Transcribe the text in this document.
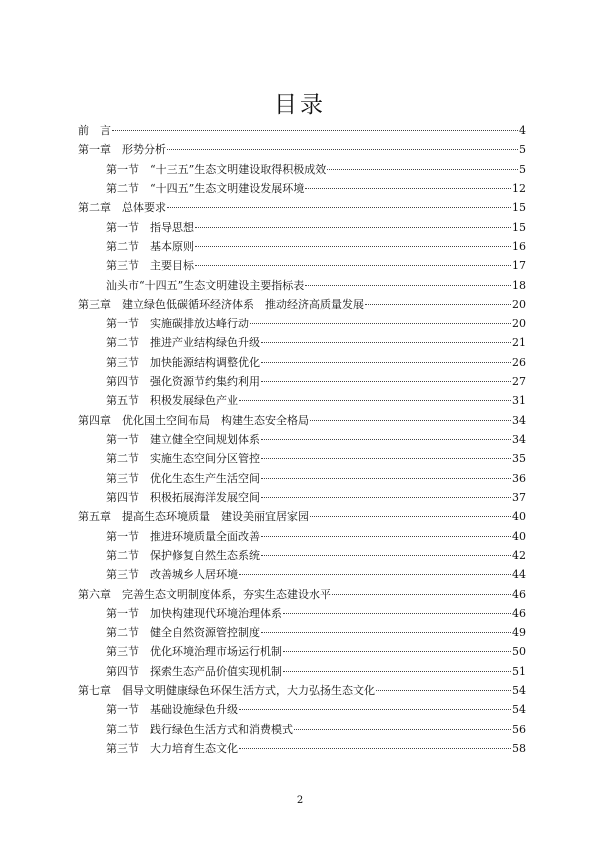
目录
前　言	4
第一章　形势分析	5
第一节　“十三五”生态文明建设取得积极成效	5
第二节　“十四五”生态文明建设发展环境	12
第二章　总体要求	15
第一节　指导思想	15
第二节　基本原则	16
第三节　主要目标	17
汕头市“十四五”生态文明建设主要指标表	18
第三章　建立绿色低碳循环经济体系　推动经济高质量发展	20
第一节　实施碳排放达峰行动	20
第二节　推进产业结构绿色升级	21
第三节　加快能源结构调整优化	26
第四节　强化资源节约集约利用	27
第五节　积极发展绿色产业	31
第四章　优化国土空间布局　构建生态安全格局	34
第一节　建立健全空间规划体系	34
第二节　实施生态空间分区管控	35
第三节　优化生态生产生活空间	36
第四节　积极拓展海洋发展空间	37
第五章　提高生态环境质量　建设美丽宜居家园	40
第一节　推进环境质量全面改善	40
第二节　保护修复自然生态系统	42
第三节　改善城乡人居环境	44
第六章　完善生态文明制度体系，夯实生态建设水平	46
第一节　加快构建现代环境治理体系	46
第二节　健全自然资源管控制度	49
第三节　优化环境治理市场运行机制	50
第四节　探索生态产品价值实现机制	51
第七章　倡导文明健康绿色环保生活方式，大力弘扬生态文化	54
第一节　基础设施绿色升级	54
第二节　践行绿色生活方式和消费模式	56
第三节　大力培育生态文化	58
2
